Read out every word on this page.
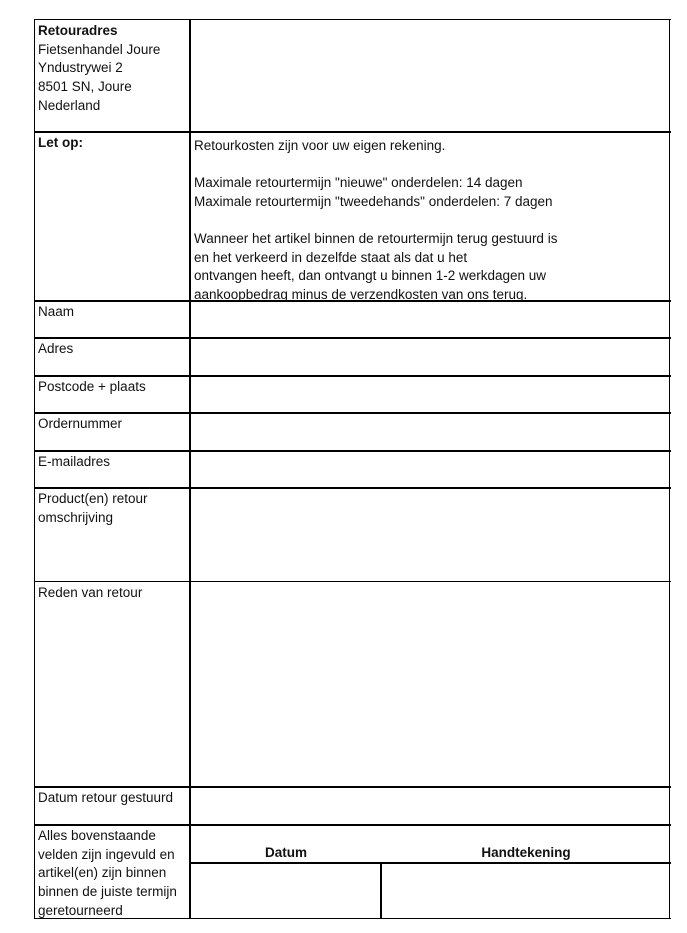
Retouradres
Fietsenhandel Joure
Yndustrywei 2
8501 SN, Joure
Nederland
Let op:
Naam
Adres
Postcode + plaats
Ordernummer
E-mailadres
Product(en) retour
omschrijving
Reden van retour
Datum retour gestuurd
Alles bovenstaande
velden zijn ingevuld en
artikel(en) zijn binnen
binnen de juiste termijn
geretourneerd
Retourkosten zijn voor uw eigen rekening.
Maximale retourtermijn "nieuwe" onderdelen: 14 dagen
Maximale retourtermijn "tweedehands" onderdelen: 7 dagen
Wanneer het artikel binnen de retourtermijn terug gestuurd is
en het verkeerd in dezelfde staat als dat u het
ontvangen heeft, dan ontvangt u binnen 1-2 werkdagen uw
aankoopbedrag minus de verzendkosten van ons terug.
Datum	Handtekening
